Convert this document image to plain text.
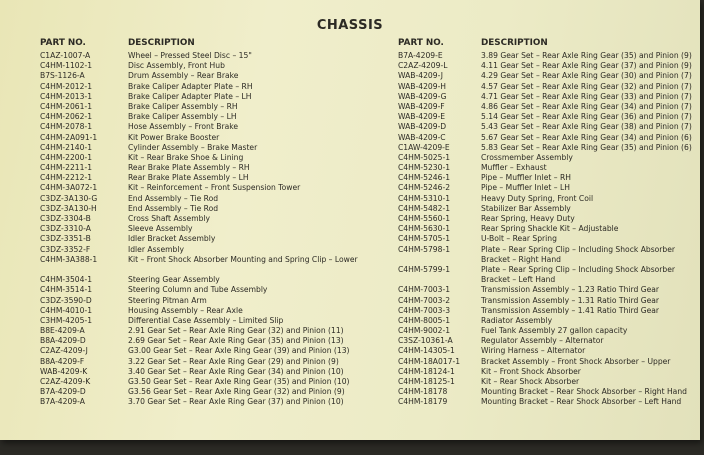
CHASSIS
PART NO.	DESCRIPTION
C1AZ-1007-A	Wheel – Pressed Steel Disc – 15"
C4HM-1102-1	Disc Assembly, Front Hub
B7S-1126-A	Drum Assembly – Rear Brake
C4HM-2012-1	Brake Caliper Adapter Plate – RH
C4HM-2013-1	Brake Caliper Adapter Plate – LH
C4HM-2061-1	Brake Caliper Assembly – RH
C4HM-2062-1	Brake Caliper Assembly – LH
C4HM-2078-1	Hose Assembly – Front Brake
C4HM-2A091-1	Kit Power Brake Booster
C4HM-2140-1	Cylinder Assembly – Brake Master
C4HM-2200-1	Kit – Rear Brake Shoe & Lining
C4HM-2211-1	Rear Brake Plate Assembly – RH
C4HM-2212-1	Rear Brake Plate Assembly – LH
C4HM-3A072-1	Kit – Reinforcement – Front Suspension Tower
C3DZ-3A130-G	End Assembly – Tie Rod
C3DZ-3A130-H	End Assembly – Tie Rod
C3DZ-3304-B	Cross Shaft Assembly
C3DZ-3310-A	Sleeve Assembly
C3DZ-3351-B	Idler Bracket Assembly
C3DZ-3352-F	Idler Assembly
C4HM-3A388-1	Kit – Front Shock Absorber Mounting and Spring Clip – Lower
C4HM-3504-1	Steering Gear Assembly
C4HM-3514-1	Steering Column and Tube Assembly
C3DZ-3590-D	Steering Pitman Arm
C4HM-4010-1	Housing Assembly – Rear Axle
C3HM-4205-1	Differential Case Assembly – Limited Slip
B8E-4209-A	2.91 Gear Set – Rear Axle Ring Gear (32) and Pinion (11)
B8A-4209-D	2.69 Gear Set – Rear Axle Ring Gear (35) and Pinion (13)
C2AZ-4209-J	G3.00 Gear Set – Rear Axle Ring Gear (39) and Pinion (13)
B8A-4209-F	3.22 Gear Set – Rear Axle Ring Gear (29) and Pinion (9)
WAB-4209-K	3.40 Gear Set – Rear Axle Ring Gear (34) and Pinion (10)
C2AZ-4209-K	G3.50 Gear Set – Rear Axle Ring Gear (35) and Pinion (10)
B7A-4209-D	G3.56 Gear Set – Rear Axle Ring Gear (32) and Pinion (9)
B7A-4209-A	3.70 Gear Set – Rear Axle Ring Gear (37) and Pinion (10)
PART NO.	DESCRIPTION
B7A-4209-E	3.89 Gear Set – Rear Axle Ring Gear (35) and Pinion (9)
C2AZ-4209-L	4.11 Gear Set – Rear Axle Ring Gear (37) and Pinion (9)
WAB-4209-J	4.29 Gear Set – Rear Axle Ring Gear (30) and Pinion (7)
WAB-4209-H	4.57 Gear Set – Rear Axle Ring Gear (32) and Pinion (7)
WAB-4209-G	4.71 Gear Set – Rear Axle Ring Gear (33) and Pinion (7)
WAB-4209-F	4.86 Gear Set – Rear Axle Ring Gear (34) and Pinion (7)
WAB-4209-E	5.14 Gear Set – Rear Axle Ring Gear (36) and Pinion (7)
WAB-4209-D	5.43 Gear Set – Rear Axle Ring Gear (38) and Pinion (7)
WAB-4209-C	5.67 Gear Set – Rear Axle Ring Gear (34) and Pinion (6)
C1AW-4209-E	5.83 Gear Set – Rear Axle Ring Gear (35) and Pinion (6)
C4HM-5025-1	Crossmember Assembly
C4HM-5230-1	Muffler – Exhaust
C4HM-5246-1	Pipe – Muffler Inlet – RH
C4HM-5246-2	Pipe – Muffler Inlet – LH
C4HM-5310-1	Heavy Duty Spring, Front Coil
C4HM-5482-1	Stabilizer Bar Assembly
C4HM-5560-1	Rear Spring, Heavy Duty
C4HM-5630-1	Rear Spring Shackle Kit – Adjustable
C4HM-5705-1	U-Bolt – Rear Spring
C4HM-5798-1	Plate – Rear Spring Clip – Including Shock Absorber Bracket – Right Hand
C4HM-5799-1	Plate – Rear Spring Clip – Including Shock Absorber Bracket – Left Hand
C4HM-7003-1	Transmission Assembly – 1.23 Ratio Third Gear
C4HM-7003-2	Transmission Assembly – 1.31 Ratio Third Gear
C4HM-7003-3	Transmission Assembly – 1.41 Ratio Third Gear
C4HM-8005-1	Radiator Assembly
C4HM-9002-1	Fuel Tank Assembly 27 gallon capacity
C3SZ-10361-A	Regulator Assembly – Alternator
C4HM-14305-1	Wiring Harness – Alternator
C4HM-18A017-1	Bracket Assembly – Front Shock Absorber – Upper
C4HM-18124-1	Kit – Front Shock Absorber
C4HM-18125-1	Kit – Rear Shock Absorber
C4HM-18178	Mounting Bracket – Rear Shock Absorber – Right Hand
C4HM-18179	Mounting Bracket – Rear Shock Absorber – Left Hand
